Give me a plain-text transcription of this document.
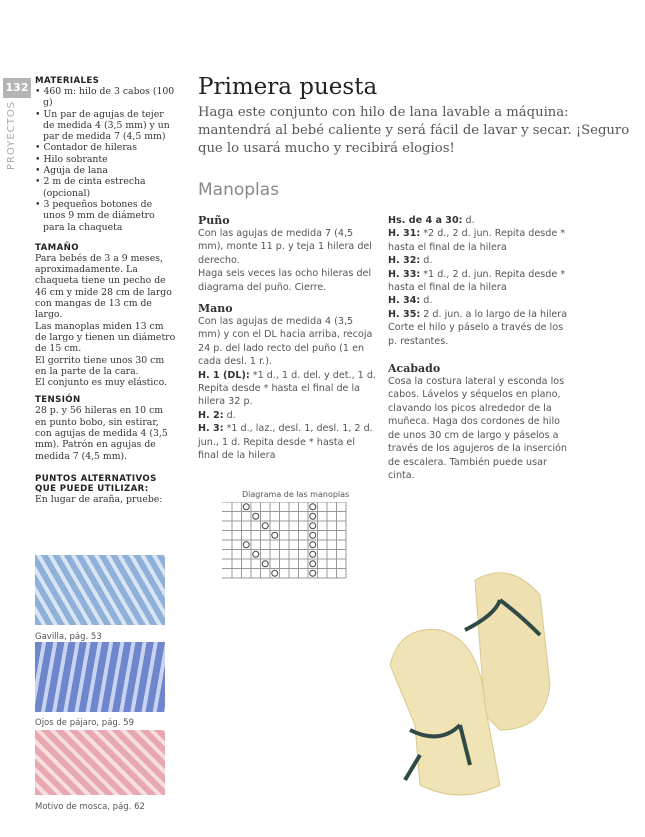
132
PROYECTOS
MATERIALES
• 460 m: hilo de 3 cabos (100 g)
• Un par de agujas de tejer de medida 4 (3,5 mm) y un par de medida 7 (4,5 mm)
• Contador de hileras
• Hilo sobrante
• Aguja de lana
• 2 m de cinta estrecha (opcional)
• 3 pequeños botones de unos 9 mm de diámetro para la chaqueta
TAMAÑO

Para bebés de 3 a 9 meses, aproximadamente. La chaqueta tiene un pecho de 46 cm y mide 28 cm de largo con mangas de 13 cm de largo.

Las manoplas miden 13 cm de largo y tienen un diámetro de 15 cm.

El gorrito tiene unos 30 cm en la parte de la cara.

El conjunto es muy elástico.

TENSIÓN

28 p. y 56 hileras en 10 cm en punto bobo, sin estirar, con agujas de medida 4 (3,5 mm). Patrón en agujas de medida 7 (4,5 mm).

PUNTOS ALTERNATIVOS QUE PUEDE UTILIZAR:

En lugar de araña, pruebe:

Gavilla, pág. 53
Ojos de pájaro, pág. 59
Motivo de mosca, pág. 62
Primera puesta
Haga este conjunto con hilo de lana lavable a máquina: mantendrá al bebé caliente y será fácil de lavar y secar. ¡Seguro que lo usará mucho y recibirá elogios!
Manoplas
Puño

Con las agujas de medida 7 (4,5 mm), monte 11 p. y teja 1 hilera del derecho.

Haga seis veces las ocho hileras del diagrama del puño. Cierre.

Mano

Con las agujas de medida 4 (3,5 mm) y con el DL hacia arriba, recoja 24 p. del lado recto del puño (1 en cada desl. 1 r.).

H. 1 (DL): *1 d., 1 d. del. y det., 1 d. Repita desde * hasta el final de la hilera 32 p.

H. 2: d.

H. 3: *1 d., laz., desl. 1, desl. 1, 2 d. jun., 1 d. Repita desde * hasta el final de la hilera

Hs. de 4 a 30: d.

H. 31: *2 d., 2 d. jun. Repita desde * hasta el final de la hilera

H. 32: d.

H. 33: *1 d., 2 d. jun. Repita desde * hasta el final de la hilera

H. 34: d.

H. 35: 2 d. jun. a lo largo de la hilera

Corte el hilo y páselo a través de los p. restantes.

Acabado

Cosa la costura lateral y esconda los cabos. Lávelos y séquelos en plano, clavando los picos alrededor de la muñeca. Haga dos cordones de hilo de unos 30 cm de largo y páselos a través de los agujeros de la inserción de escalera. También puede usar cinta.

Diagrama de las manoplas
